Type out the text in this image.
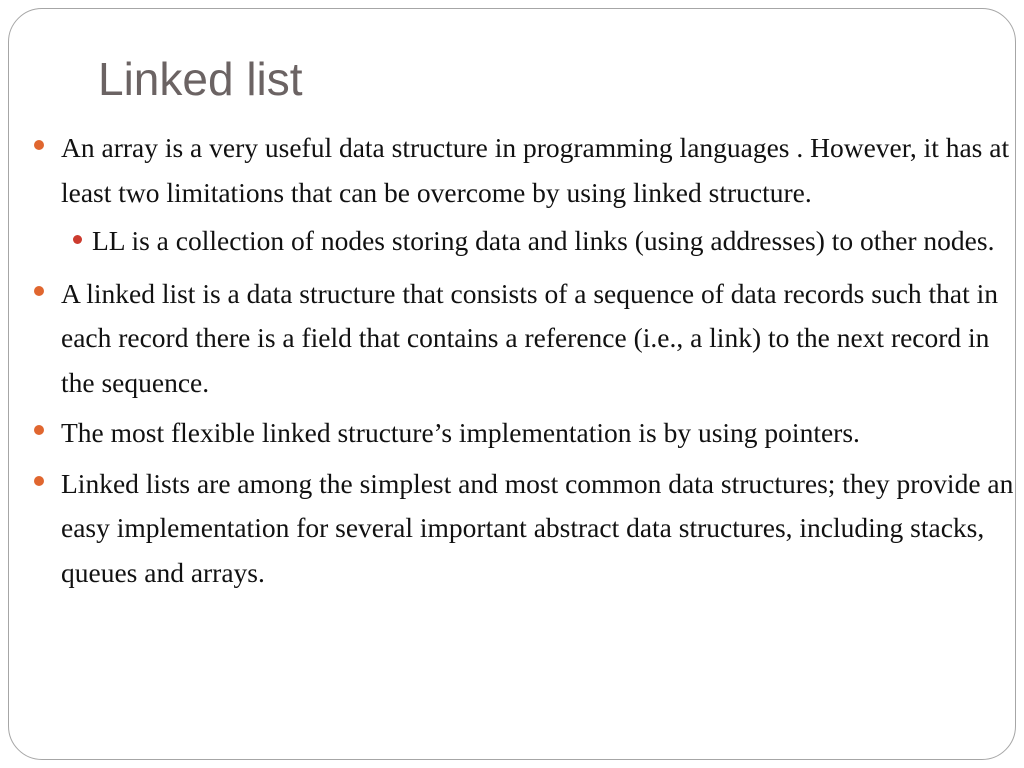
Linked list
An array is a very useful data structure in programming languages . However, it has at least two limitations that can be overcome by using linked structure.
LL is a collection of nodes storing data and links (using addresses) to other nodes.
A linked list is a data structure that consists of a sequence of data records such that in each record there is a field that contains a reference (i.e., a link) to the next record in the sequence.
The most flexible linked structure’s implementation is by using pointers.
Linked lists are among the simplest and most common data structures; they provide an easy implementation for several important abstract data structures, including stacks, queues and arrays.
